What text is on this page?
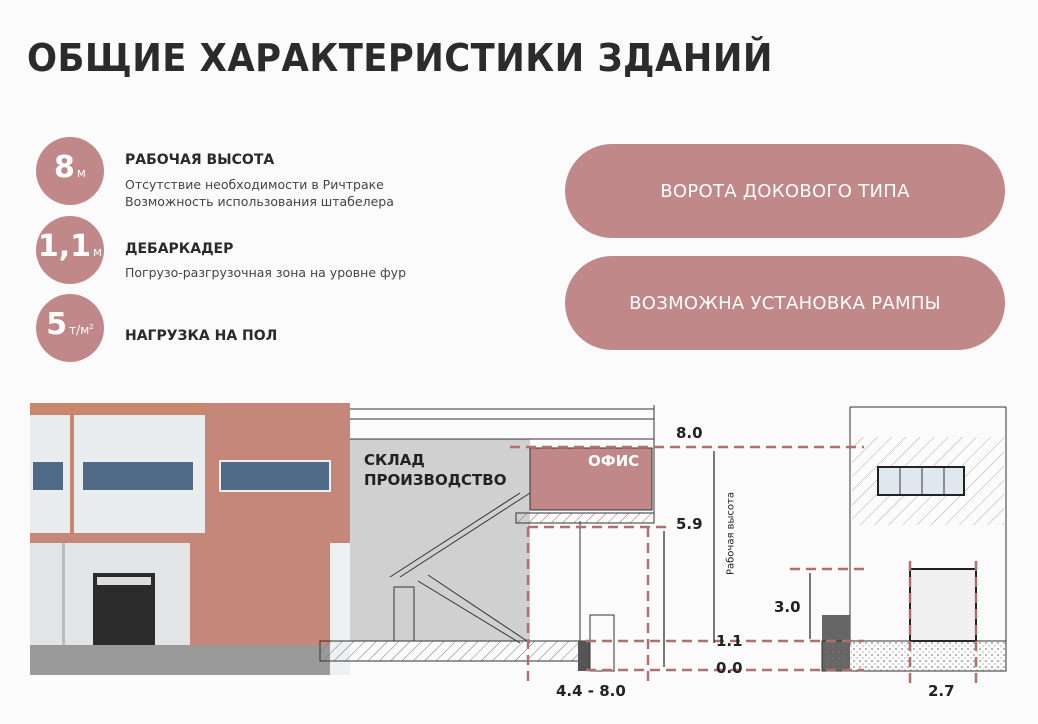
ОБЩИЕ ХАРАКТЕРИСТИКИ ЗДАНИЙ
8 м
РАБОЧАЯ ВЫСОТА
Отсутствие необходимости в Ричтраке
Возможность использования штабелера
1,1 м ДЕБАРКАДЕР
Погрузо-разгрузочная зона на уровне фур
5 $т/м^2$
НАГРУЗКА НА ПОЛ
ВОРОТА ДОКОВОГО ТИПА
ВОЗМОЖНА УСТАНОВКА РАМПЫ
СКЛАД
ПРОИЗВОДСТВО
ОФИС
8.0
5.9
1.1
0.0
Рабочая высота
4.4 - 8.0
3.0
2.7
